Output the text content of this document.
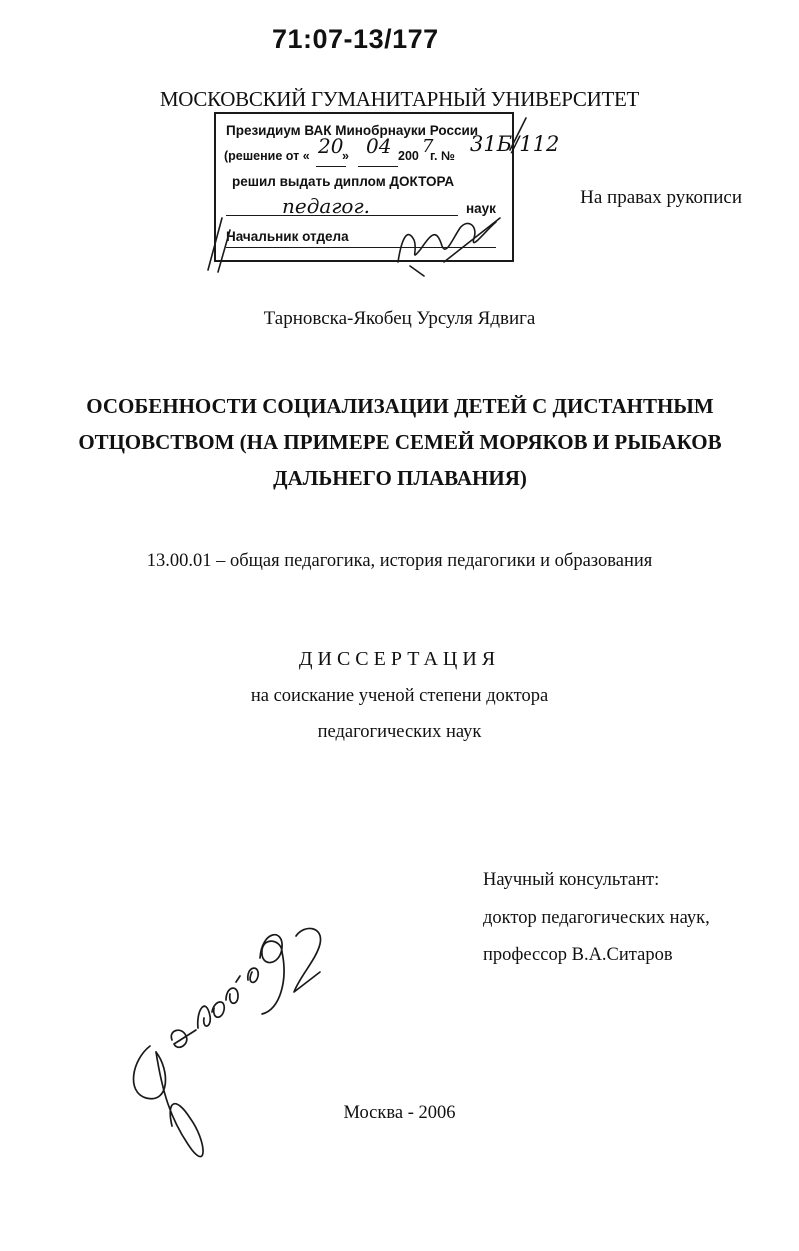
71:07-13/177
МОСКОВСКИЙ ГУМАНИТАРНЫЙ УНИВЕРСИТЕТ
Президиум ВАК Минобрнауки России
(решение от « 20
» 04 200 7
г. № 31Б/112
решил выдать диплом ДОКТОРА
педагог.	наук
Начальник отдела
На правах рукописи
Тарновска-Якобец Урсуля Ядвига
ОСОБЕННОСТИ СОЦИАЛИЗАЦИИ ДЕТЕЙ С ДИСТАНТНЫМ
ОТЦОВСТВОМ (НА ПРИМЕРЕ СЕМЕЙ МОРЯКОВ И РЫБАКОВ
ДАЛЬНЕГО ПЛАВАНИЯ)
13.00.01 – общая педагогика, история педагогики и образования
ДИССЕРТАЦИЯ
на соискание ученой степени доктора
педагогических наук
Научный консультант:
доктор педагогических наук,
профессор В.А.Ситаров
Москва - 2006
